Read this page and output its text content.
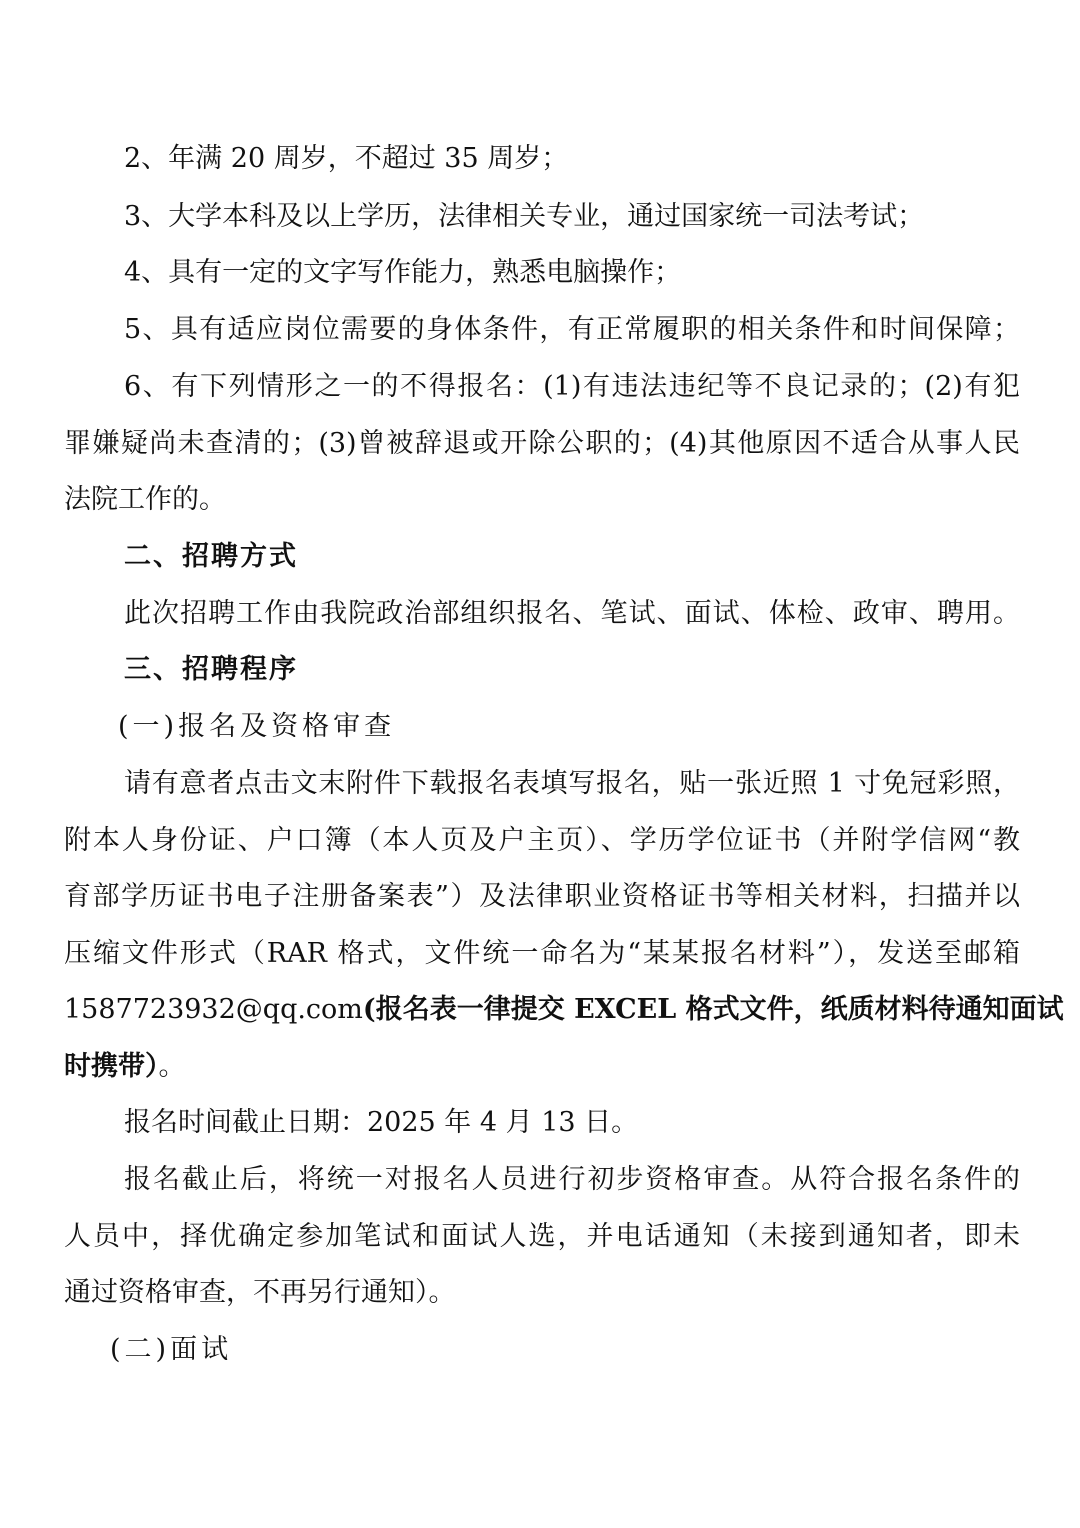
2、年满 20 周岁，不超过 35 周岁；
3、大学本科及以上学历，法律相关专业，通过国家统一司法考试；
4、具有一定的文字写作能力，熟悉电脑操作；
5、具有适应岗位需要的身体条件，有正常履职的相关条件和时间保障；
6、有下列情形之一的不得报名：(1)有违法违纪等不良记录的；(2)有犯
罪嫌疑尚未查清的；(3)曾被辞退或开除公职的；(4)其他原因不适合从事人民
法院工作的。
二、招聘方式
此次招聘工作由我院政治部组织报名、笔试、面试、体检、政审、聘用。
三、招聘程序
(一)报名及资格审查
请有意者点击文末附件下载报名表填写报名，贴一张近照 1 寸免冠彩照，
附本人身份证、户口簿（本人页及户主页）、学历学位证书（并附学信网“教
育部学历证书电子注册备案表”）及法律职业资格证书等相关材料，扫描并以
压缩文件形式（RAR 格式，文件统一命名为“某某报名材料”），发送至邮箱
1587723932@qq.com(报名表一律提交 EXCEL 格式文件，纸质材料待通知面试
时携带）。
报名时间截止日期：2025 年 4 月 13 日。
报名截止后，将统一对报名人员进行初步资格审查。从符合报名条件的
人员中，择优确定参加笔试和面试人选，并电话通知（未接到通知者，即未
通过资格审查，不再另行通知）。
(二)面试
